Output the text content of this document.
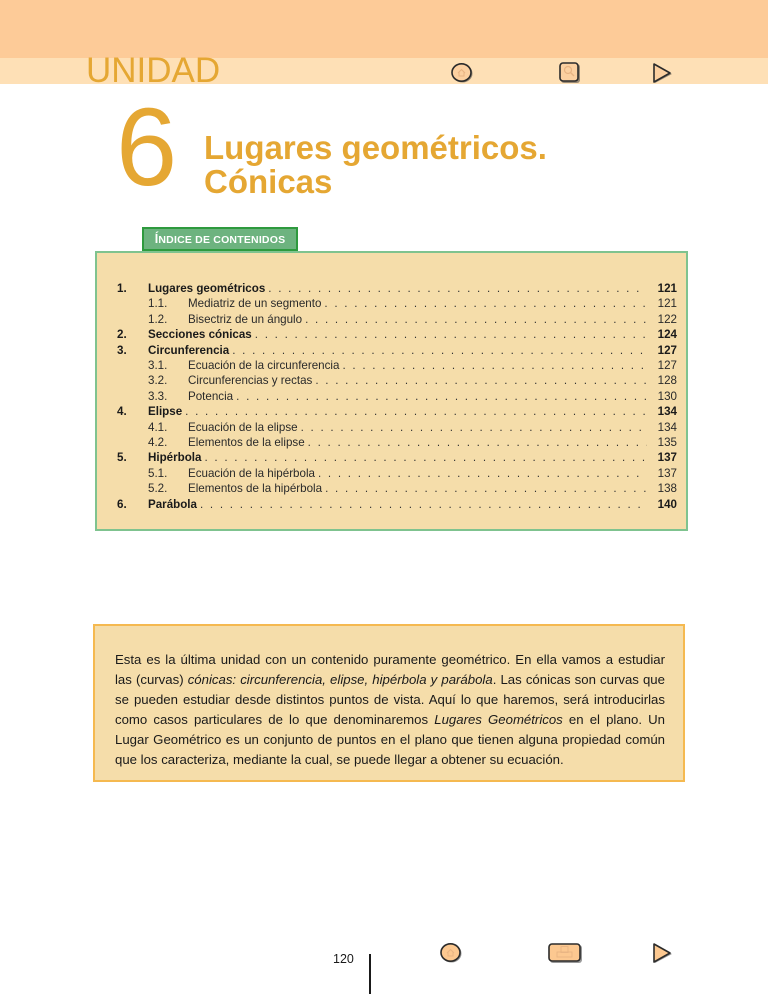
UNIDAD
6 Lugares geométricos.
Cónicas
ÍNDICE DE CONTENIDOS
1. Lugares geométricos . . .	121
1.1.	Mediatriz de un segmento . . .	121
1.2.	Bisectriz de un ángulo . . .	122
2. Secciones cónicas . . .	124
3. Circunferencia . . .	127
3.1.	Ecuación de la circunferencia . . .	127
3.2.	Circunferencias y rectas . . .	128
3.3.	Potencia . . .	130
4. Elipse . . .	134
4.1.	Ecuación de la elipse . . .	134
4.2.	Elementos de la elipse . . .	135
5. Hipérbola . . .	137
5.1.	Ecuación de la hipérbola . . .	137
5.2.	Elementos de la hipérbola . . .	138
6. Parábola . . .	140

Esta es la última unidad con un contenido puramente geométrico. En ella vamos a estudiar las (curvas) cónicas: circunferencia, elipse, hipérbola y parábola. Las cónicas son curvas que se pueden estudiar desde distintos puntos de vista. Aquí lo que haremos, será introducirlas como casos particulares de lo que denominaremos Lugares Geométricos en el plano. Un Lugar Geométrico es un conjunto de puntos en el plano que tienen alguna propiedad común que los caracteriza, mediante la cual, se puede llegar a obtener su ecuación.

120
